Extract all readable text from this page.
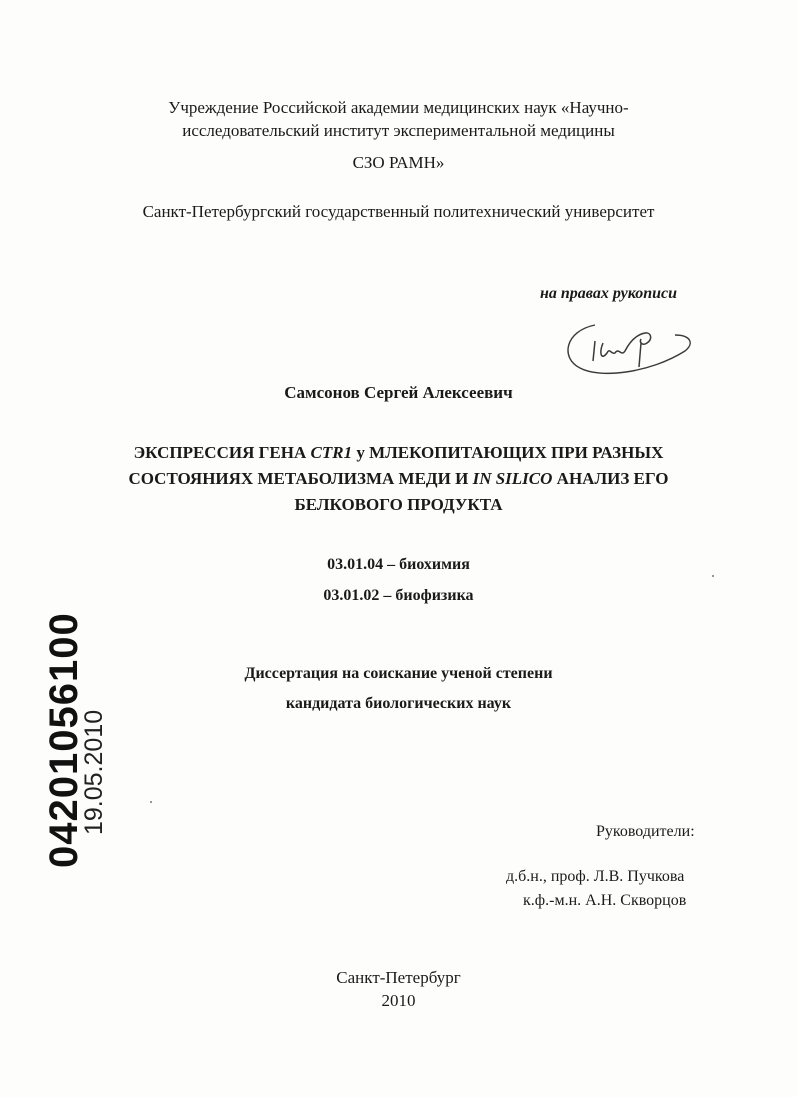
Учреждение Российской академии медицинских наук «Научно-
исследовательский институт экспериментальной медицины
СЗО РАМН»
Санкт-Петербургский государственный политехнический университет
на правах рукописи
Шр
Самсонов Сергей Алексеевич
ЭКСПРЕССИЯ ГЕНА CTR1 у МЛЕКОПИТАЮЩИХ ПРИ РАЗНЫХ
СОСТОЯНИЯХ МЕТАБОЛИЗМА МЕДИ И IN SILICO АНАЛИЗ ЕГО
БЕЛКОВОГО ПРОДУКТА
03.01.04 – биохимия
03.01.02 – биофизика
Диссертация на соискание ученой степени
кандидата биологических наук
Руководители:
д.б.н., проф. Л.В. Пучкова
к.ф.-м.н. А.Н. Скворцов
Санкт-Петербург
2010
04201056100
19.05.2010
